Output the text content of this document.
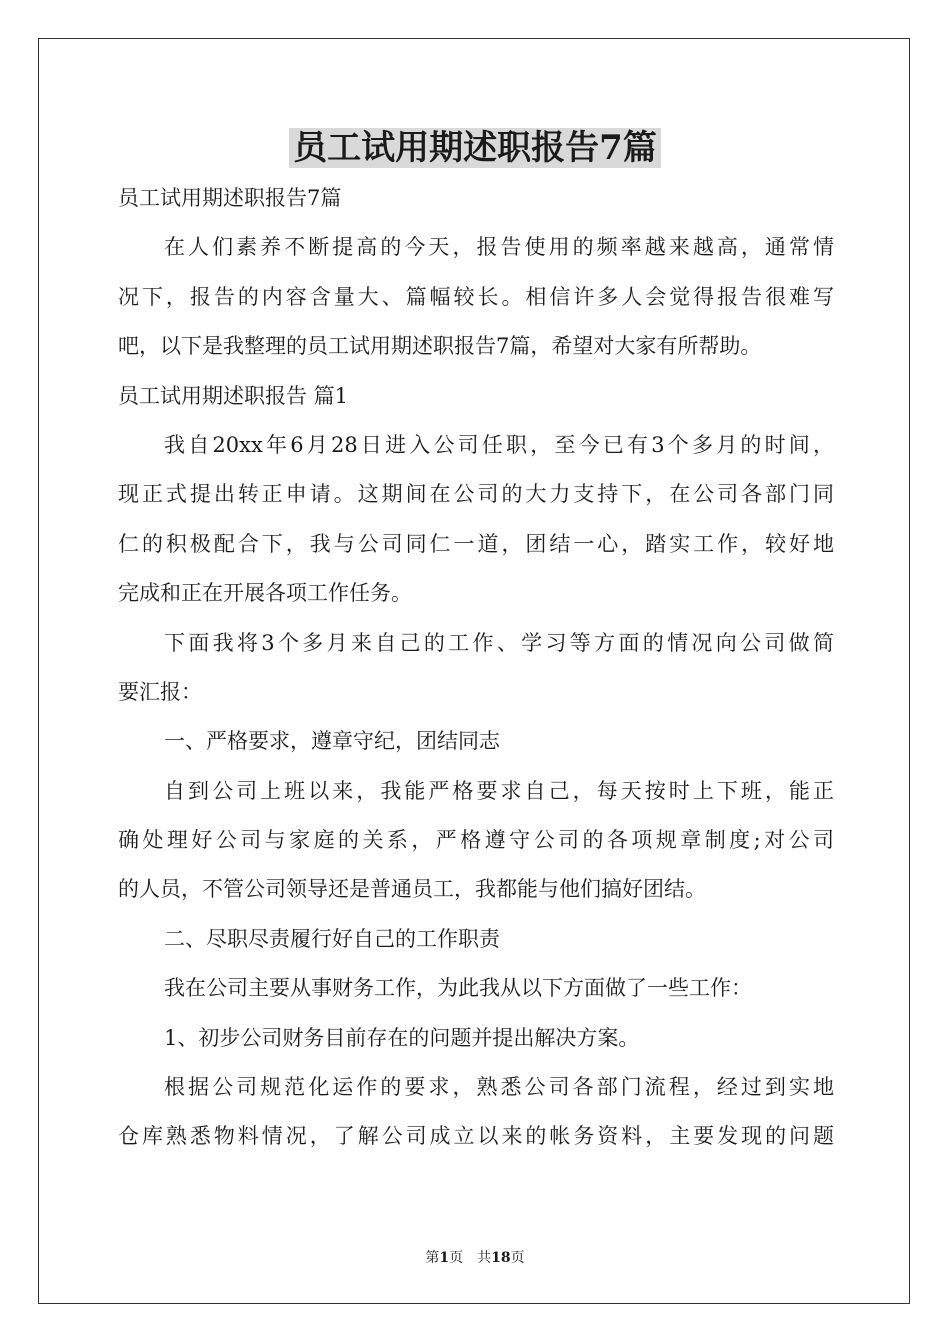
员工试用期述职报告7篇

员工试用期述职报告7篇

在人们素养不断提高的今天，报告使用的频率越来越高，通常情

况下，报告的内容含量大、篇幅较长。相信许多人会觉得报告很难写

吧，以下是我整理的员工试用期述职报告7篇，希望对大家有所帮助。

员工试用期述职报告 篇1

我自20xx年6月28日进入公司任职，至今已有3个多月的时间，

现正式提出转正申请。这期间在公司的大力支持下，在公司各部门同

仁的积极配合下，我与公司同仁一道，团结一心，踏实工作，较好地

完成和正在开展各项工作任务。

下面我将3个多月来自己的工作、学习等方面的情况向公司做简

要汇报：

一、严格要求，遵章守纪，团结同志

自到公司上班以来，我能严格要求自己，每天按时上下班，能正

确处理好公司与家庭的关系，严格遵守公司的各项规章制度;对公司

的人员，不管公司领导还是普通员工，我都能与他们搞好团结。

二、尽职尽责履行好自己的工作职责

我在公司主要从事财务工作，为此我从以下方面做了一些工作：

1、初步公司财务目前存在的问题并提出解决方案。

根据公司规范化运作的要求，熟悉公司各部门流程，经过到实地

仓库熟悉物料情况，了解公司成立以来的帐务资料，主要发现的问题

第1页 共18页
